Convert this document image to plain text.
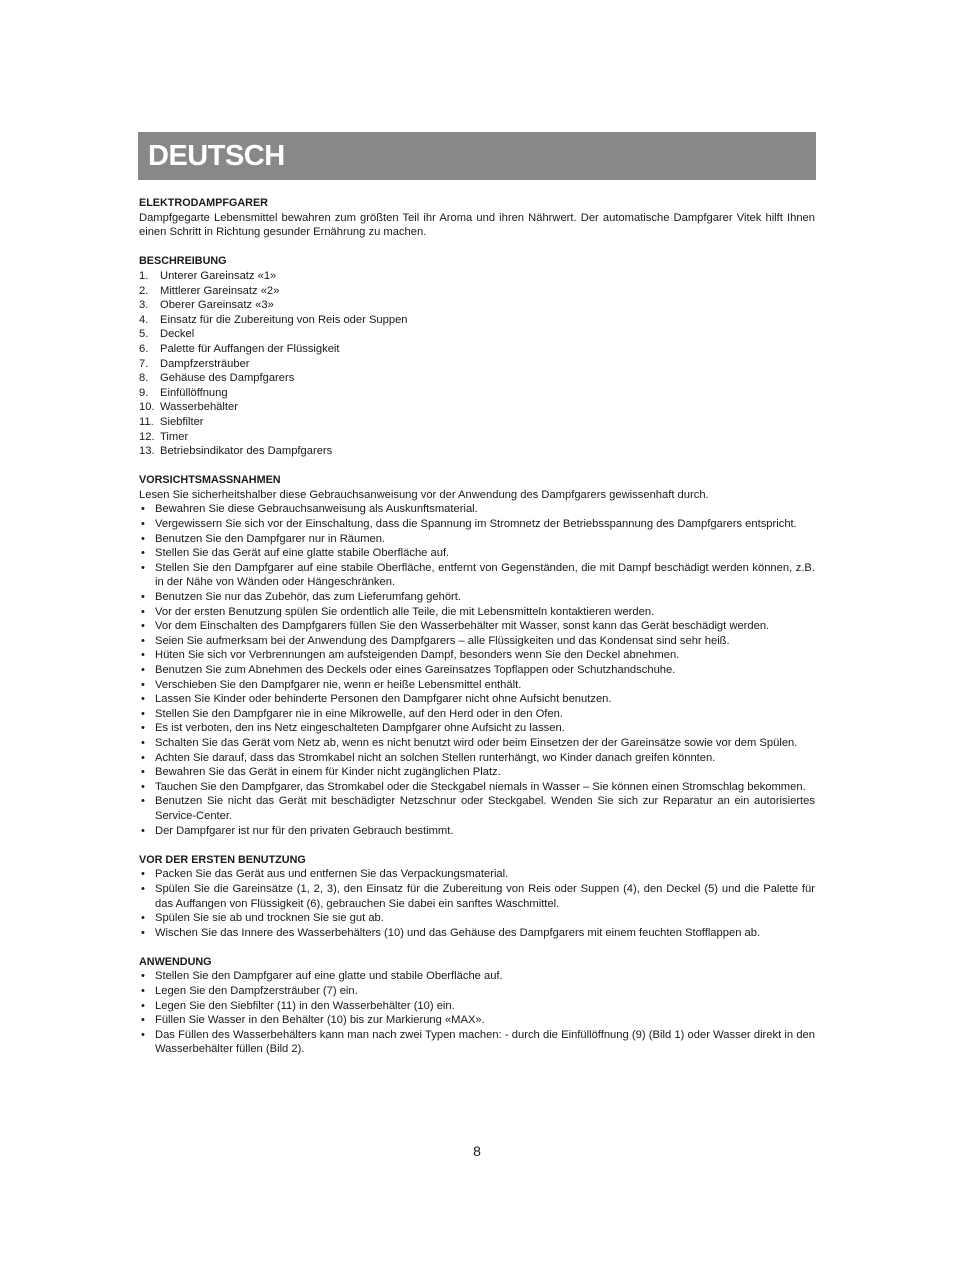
DEUTSCH
ELEKTRODAMPFGARER

Dampfgegarte Lebensmittel bewahren zum größten Teil ihr Aroma und ihren Nährwert. Der automatische Dampfgarer Vitek hilft Ihnen einen Schritt in Richtung gesunder Ernährung zu machen.

BESCHREIBUNG
1. Unterer Gareinsatz «1»
2. Mittlerer Gareinsatz «2»
3. Oberer Gareinsatz «3»
4. Einsatz für die Zubereitung von Reis oder Suppen
5. Deckel
6. Palette für Auffangen der Flüssigkeit
7. Dampfzersträuber
8. Gehäuse des Dampfgarers
9. Einfüllöffnung
10. Wasserbehälter
11. Siebfilter
12. Timer
13. Betriebsindikator des Dampfgarers
VORSICHTSMASSNAHMEN

Lesen Sie sicherheitshalber diese Gebrauchsanweisung vor der Anwendung des Dampfgarers gewissenhaft durch.

• Bewahren Sie diese Gebrauchsanweisung als Auskunftsmaterial.
• Vergewissern Sie sich vor der Einschaltung, dass die Spannung im Stromnetz der Betriebsspannung des Dampfgarers entspricht.
• Benutzen Sie den Dampfgarer nur in Räumen.
• Stellen Sie das Gerät auf eine glatte stabile Oberfläche auf.
• Stellen Sie den Dampfgarer auf eine stabile Oberfläche, entfernt von Gegenständen, die mit Dampf beschädigt werden können, z.B. in der Nähe von Wänden oder Hängeschränken.
• Benutzen Sie nur das Zubehör, das zum Lieferumfang gehört.
• Vor der ersten Benutzung spülen Sie ordentlich alle Teile, die mit Lebensmitteln kontaktieren werden.
• Vor dem Einschalten des Dampfgarers füllen Sie den Wasserbehälter mit Wasser, sonst kann das Gerät beschädigt werden.
• Seien Sie aufmerksam bei der Anwendung des Dampfgarers – alle Flüssigkeiten und das Kondensat sind sehr heiß.
• Hüten Sie sich vor Verbrennungen am aufsteigenden Dampf, besonders wenn Sie den Deckel abnehmen.
• Benutzen Sie zum Abnehmen des Deckels oder eines Gareinsatzes Topflappen oder Schutzhandschuhe.
• Verschieben Sie den Dampfgarer nie, wenn er heiße Lebensmittel enthält.
• Lassen Sie Kinder oder behinderte Personen den Dampfgarer nicht ohne Aufsicht benutzen.
• Stellen Sie den Dampfgarer nie in eine Mikrowelle, auf den Herd oder in den Ofen.
• Es ist verboten, den ins Netz eingeschalteten Dampfgarer ohne Aufsicht zu lassen.
• Schalten Sie das Gerät vom Netz ab, wenn es nicht benutzt wird oder beim Einsetzen der der Gareinsätze sowie vor dem Spülen.
• Achten Sie darauf, dass das Stromkabel nicht an solchen Stellen runterhängt, wo Kinder danach greifen könnten.
• Bewahren Sie das Gerät in einem für Kinder nicht zugänglichen Platz.
• Tauchen Sie den Dampfgarer, das Stromkabel oder die Steckgabel niemals in Wasser – Sie können einen Stromschlag bekommen.
• Benutzen Sie nicht das Gerät mit beschädigter Netzschnur oder Steckgabel. Wenden Sie sich zur Reparatur an ein autorisiertes Service-Center.
• Der Dampfgarer ist nur für den privaten Gebrauch bestimmt.
VOR DER ERSTEN BENUTZUNG
• Packen Sie das Gerät aus und entfernen Sie das Verpackungsmaterial.
• Spülen Sie die Gareinsätze (1, 2, 3), den Einsatz für die Zubereitung von Reis oder Suppen (4), den Deckel (5) und die Palette für das Auffangen von Flüssigkeit (6), gebrauchen Sie dabei ein sanftes Waschmittel.
• Spülen Sie sie ab und trocknen Sie sie gut ab.
• Wischen Sie das Innere des Wasserbehälters (10) und das Gehäuse des Dampfgarers mit einem feuchten Stofflappen ab.
ANWENDUNG
• Stellen Sie den Dampfgarer auf eine glatte und stabile Oberfläche auf.
• Legen Sie den Dampfzersträuber (7) ein.
• Legen Sie den Siebfilter (11) in den Wasserbehälter (10) ein.
• Füllen Sie Wasser in den Behälter (10) bis zur Markierung «MAX».
• Das Füllen des Wasserbehälters kann man nach zwei Typen machen: - durch die Einfüllöffnung (9) (Bild 1) oder Wasser direkt in den Wasserbehälter füllen (Bild 2).
8
